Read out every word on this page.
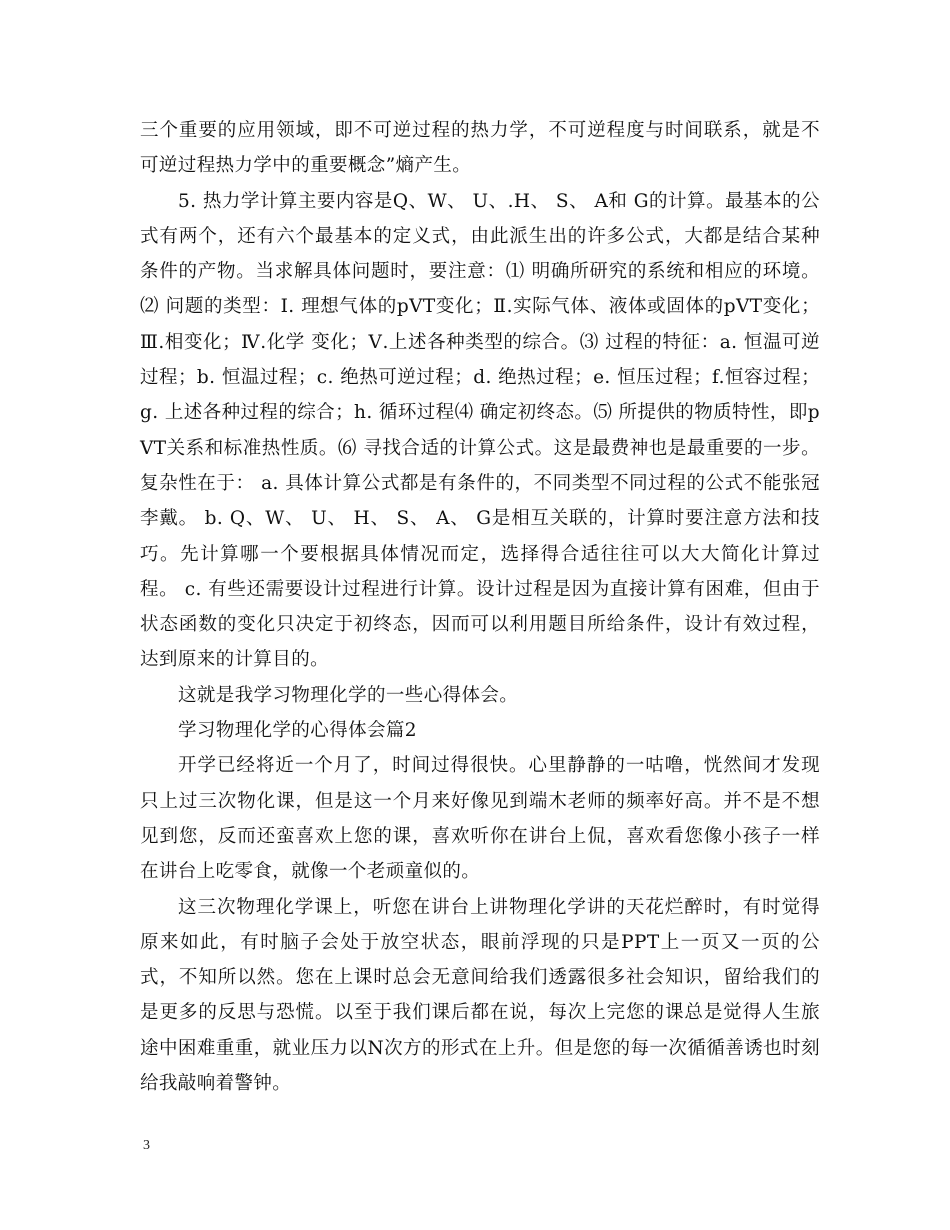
三个重要的应用领域，即不可逆过程的热力学，不可逆程度与时间联系，就是不可逆过程热力学中的重要概念”熵产生。

5. 热力学计算主要内容是Q、W、 U、.H、 S、 A和 G的计算。最基本的公式有两个，还有六个最基本的定义式，由此派生出的许多公式，大都是结合某种条件的产物。当求解具体问题时，要注意：⑴ 明确所研究的系统和相应的环境。⑵ 问题的类型：I. 理想气体的pVT变化；Ⅱ.实际气体、液体或固体的pVT变化；Ⅲ.相变化；Ⅳ.化学 变化；Ⅴ.上述各种类型的综合。⑶ 过程的特征：a. 恒温可逆过程；b. 恒温过程；c. 绝热可逆过程；d. 绝热过程；e. 恒压过程；f.恒容过程；g. 上述各种过程的综合；h. 循环过程⑷ 确定初终态。⑸ 所提供的物质特性，即pVT关系和标准热性质。⑹ 寻找合适的计算公式。这是最费神也是最重要的一步。复杂性在于： a. 具体计算公式都是有条件的，不同类型不同过程的公式不能张冠李戴。 b. Q、W、 U、 H、 S、 A、 G是相互关联的，计算时要注意方法和技巧。先计算哪一个要根据具体情况而定，选择得合适往往可以大大简化计算过程。 c. 有些还需要设计过程进行计算。设计过程是因为直接计算有困难，但由于状态函数的变化只决定于初终态，因而可以利用题目所给条件，设计有效过程，达到原来的计算目的。

这就是我学习物理化学的一些心得体会。

学习物理化学的心得体会篇2

开学已经将近一个月了，时间过得很快。心里静静的一咕噜，恍然间才发现只上过三次物化课，但是这一个月来好像见到端木老师的频率好高。并不是不想见到您，反而还蛮喜欢上您的课，喜欢听你在讲台上侃，喜欢看您像小孩子一样在讲台上吃零食，就像一个老顽童似的。

这三次物理化学课上，听您在讲台上讲物理化学讲的天花烂醉时，有时觉得原来如此，有时脑子会处于放空状态，眼前浮现的只是PPT上一页又一页的公式，不知所以然。您在上课时总会无意间给我们透露很多社会知识，留给我们的是更多的反思与恐慌。以至于我们课后都在说，每次上完您的课总是觉得人生旅途中困难重重，就业压力以N次方的形式在上升。但是您的每一次循循善诱也时刻给我敲响着警钟。

3
